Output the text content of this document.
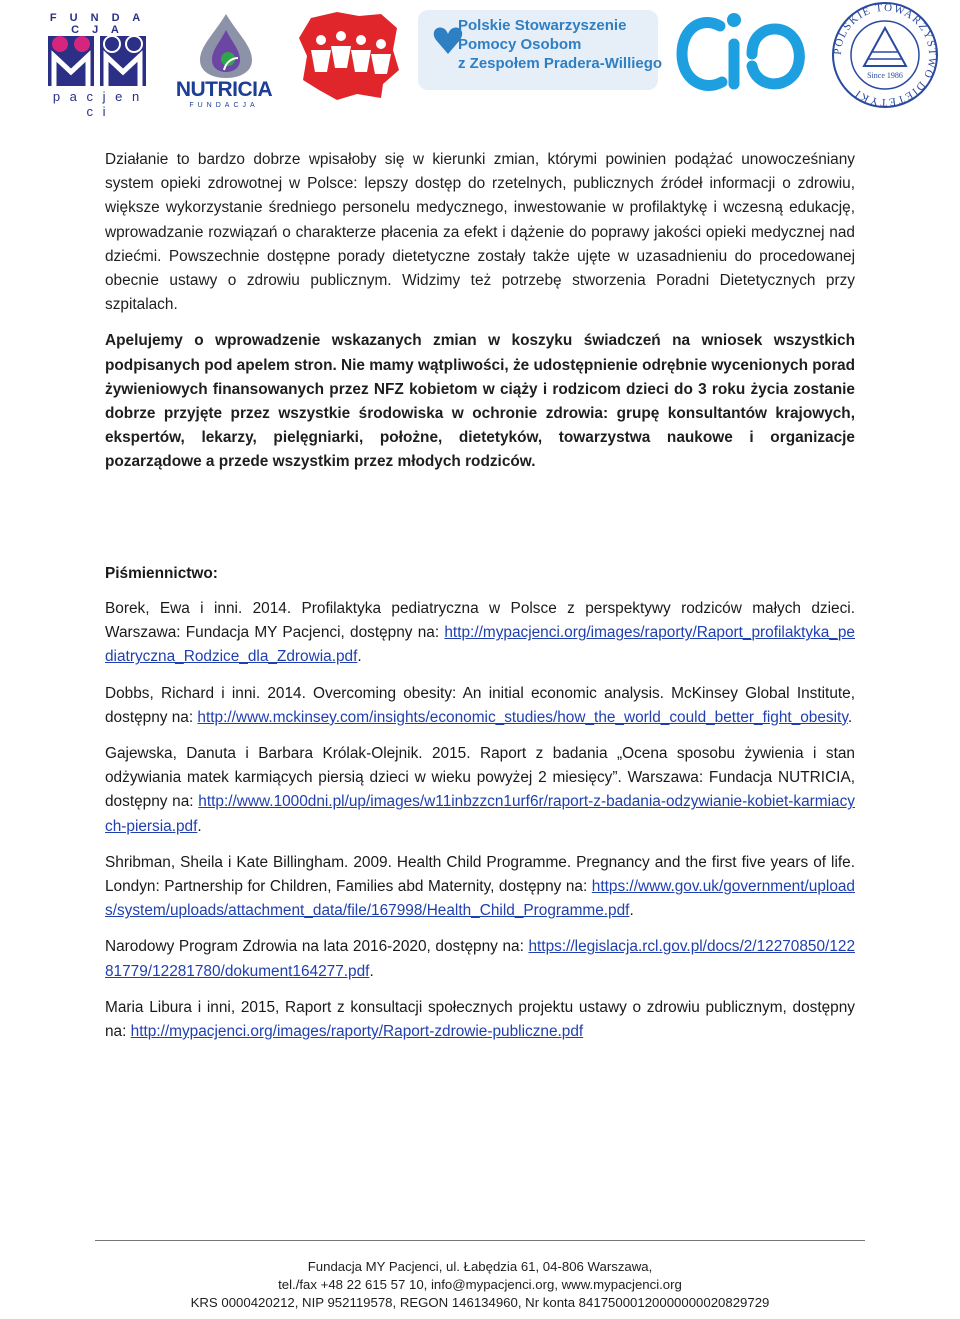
F U N D A C J A
p a c j e n c i
NUTRICIA
FUNDACJA
Polskie Stowarzyszenie
Pomocy Osobom
z Zespołem Pradera-Williego
POLSKIE TOWARZYSTWO DIETETYKI
Since 1986

Działanie to bardzo dobrze wpisałoby się w kierunki zmian, którymi powinien podążać unowocześniany system opieki zdrowotnej w Polsce: lepszy dostęp do rzetelnych, publicznych źródeł informacji o zdrowiu, większe wykorzystanie średniego personelu medycznego, inwestowanie w profilaktykę i wczesną edukację, wprowadzanie rozwiązań o charakterze płacenia za efekt i dążenie do poprawy jakości opieki medycznej nad dziećmi. Powszechnie dostępne porady dietetyczne zostały także ujęte w uzasadnieniu do procedowanej obecnie ustawy o zdrowiu publicznym. Widzimy też potrzebę stworzenia Poradni Dietetycznych przy szpitalach.

Apelujemy o wprowadzenie wskazanych zmian w koszyku świadczeń na wniosek wszystkich podpisanych pod apelem stron. Nie mamy wątpliwości, że udostępnienie odrębnie wycenionych porad żywieniowych finansowanych przez NFZ kobietom w ciąży i rodzicom dzieci do 3 roku życia zostanie dobrze przyjęte przez wszystkie środowiska w ochronie zdrowia: grupę konsultantów krajowych, ekspertów, lekarzy, pielęgniarki, położne, dietetyków, towarzystwa naukowe i organizacje pozarządowe a przede wszystkim przez młodych rodziców.

Piśmiennictwo:

Borek, Ewa i inni. 2014. Profilaktyka pediatryczna w Polsce z perspektywy rodziców małych dzieci. Warszawa: Fundacja MY Pacjenci, dostępny na: http://mypacjenci.org/images/raporty/Raport_profilaktyka_pediatryczna_Rodzice_dla_Zdrowia.pdf.

Dobbs, Richard i inni. 2014. Overcoming obesity: An initial economic analysis. McKinsey Global Institute, dostępny na: http://www.mckinsey.com/insights/economic_studies/how_the_world_could_better_fight_obesity.

Gajewska, Danuta i Barbara Królak-Olejnik. 2015. Raport z badania „Ocena sposobu żywienia i stan odżywiania matek karmiących piersią dzieci w wieku powyżej 2 miesięcy”. Warszawa: Fundacja NUTRICIA, dostępny na: http://www.1000dni.pl/up/images/w11inbzzcn1urf6r/raport-z-badania-odzywianie-kobiet-karmiacych-piersia.pdf.

Shribman, Sheila i Kate Billingham. 2009. Health Child Programme. Pregnancy and the first five years of life. Londyn: Partnership for Children, Families abd Maternity, dostępny na: https://www.gov.uk/government/uploads/system/uploads/attachment_data/file/167998/Health_Child_Programme.pdf.

Narodowy Program Zdrowia na lata 2016-2020, dostępny na: https://legislacja.rcl.gov.pl/docs/2/12270850/12281779/12281780/dokument164277.pdf.

Maria Libura i inni, 2015, Raport z konsultacji społecznych projektu ustawy o zdrowiu publicznym, dostępny na: http://mypacjenci.org/images/raporty/Raport-zdrowie-publiczne.pdf

Fundacja MY Pacjenci, ul. Łabędzia 61, 04-806 Warszawa,
tel./fax +48 22 615 57 10, info@mypacjenci.org, www.mypacjenci.org
KRS 0000420212, NIP 952119578, REGON 146134960, Nr konta 84175000120000000020829729
